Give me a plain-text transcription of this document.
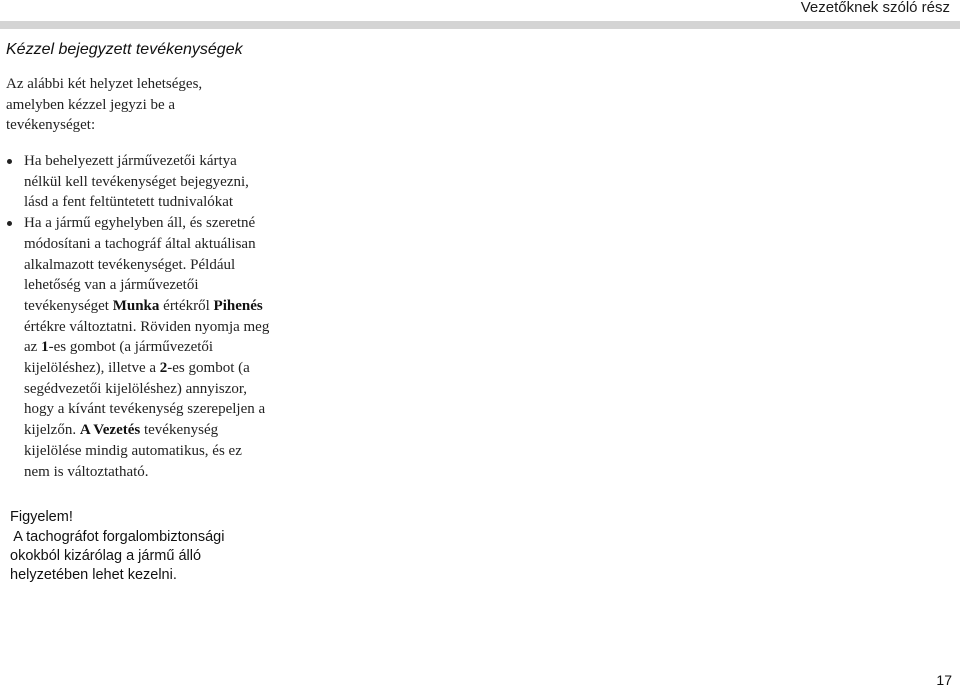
Vezetőknek szóló rész
Kézzel bejegyzett tevékenységek
Az alábbi két helyzet lehetséges,
amelyben kézzel jegyzi be a
tevékenységet:
Ha behelyezett járművezetői kártya
nélkül kell tevékenységet bejegyezni,
lásd a fent feltüntetett tudnivalókat
Ha a jármű egyhelyben áll, és szeretné
módosítani a tachográf által aktuálisan
alkalmazott tevékenységet. Például
lehetőség van a járművezetői
tevékenységet Munka értékről Pihenés
értékre változtatni. Röviden nyomja meg
az 1-es gombot (a járművezetői
kijelöléshez), illetve a 2-es gombot (a
segédvezetői kijelöléshez) annyiszor,
hogy a kívánt tevékenység szerepeljen a
kijelzőn. A Vezetés tevékenység
kijelölése mindig automatikus, és ez
nem is változtatható.
Figyelem!
A tachográfot forgalombiztonsági
okokból kizárólag a jármű álló
helyzetében lehet kezelni.
17
